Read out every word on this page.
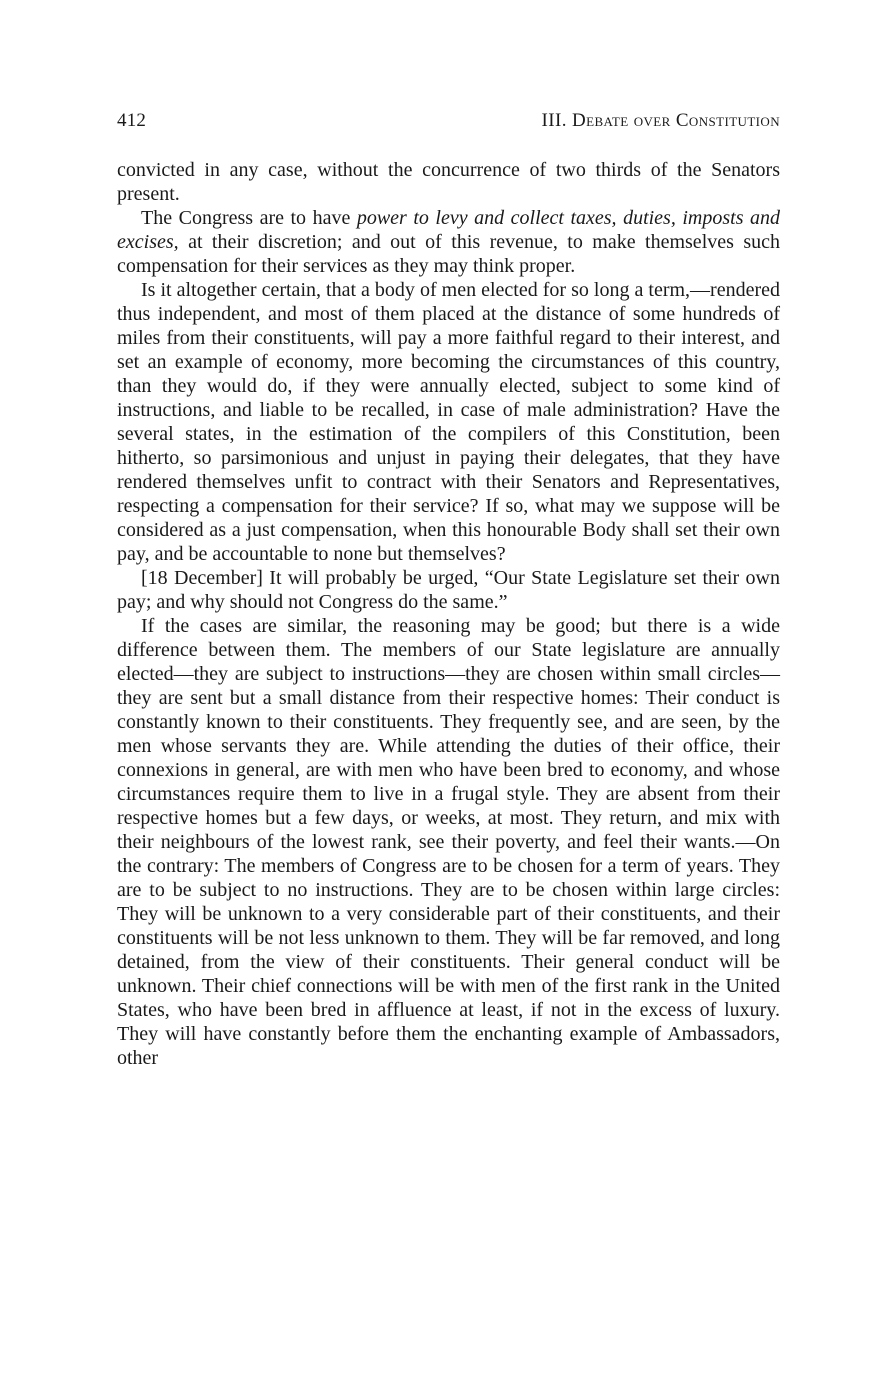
412	III. Debate over Constitution

convicted in any case, without the concurrence of two thirds of the Senators present.

The Congress are to have power to levy and collect taxes, duties, imposts and excises, at their discretion; and out of this revenue, to make themselves such compensation for their services as they may think proper.

Is it altogether certain, that a body of men elected for so long a term,—rendered thus independent, and most of them placed at the distance of some hundreds of miles from their constituents, will pay a more faithful regard to their interest, and set an example of economy, more becoming the circumstances of this country, than they would do, if they were annually elected, subject to some kind of instructions, and liable to be recalled, in case of male administration? Have the several states, in the estimation of the compilers of this Constitution, been hitherto, so parsimonious and unjust in paying their delegates, that they have rendered themselves unfit to contract with their Senators and Representatives, respecting a compensation for their service? If so, what may we suppose will be considered as a just compensation, when this honourable Body shall set their own pay, and be accountable to none but themselves?

[18 December] It will probably be urged, “Our State Legislature set their own pay; and why should not Congress do the same.”

If the cases are similar, the reasoning may be good; but there is a wide difference between them. The members of our State legislature are annually elected—they are subject to instructions—they are chosen within small circles—they are sent but a small distance from their respective homes: Their conduct is constantly known to their constituents. They frequently see, and are seen, by the men whose servants they are. While attending the duties of their office, their connexions in general, are with men who have been bred to economy, and whose circumstances require them to live in a frugal style. They are absent from their respective homes but a few days, or weeks, at most. They return, and mix with their neighbours of the lowest rank, see their poverty, and feel their wants.—On the contrary: The members of Congress are to be chosen for a term of years. They are to be subject to no instructions. They are to be chosen within large circles: They will be unknown to a very considerable part of their constituents, and their constituents will be not less unknown to them. They will be far removed, and long detained, from the view of their constituents. Their general conduct will be unknown. Their chief connections will be with men of the first rank in the United States, who have been bred in affluence at least, if not in the excess of luxury. They will have constantly before them the enchanting example of Ambassadors, other
